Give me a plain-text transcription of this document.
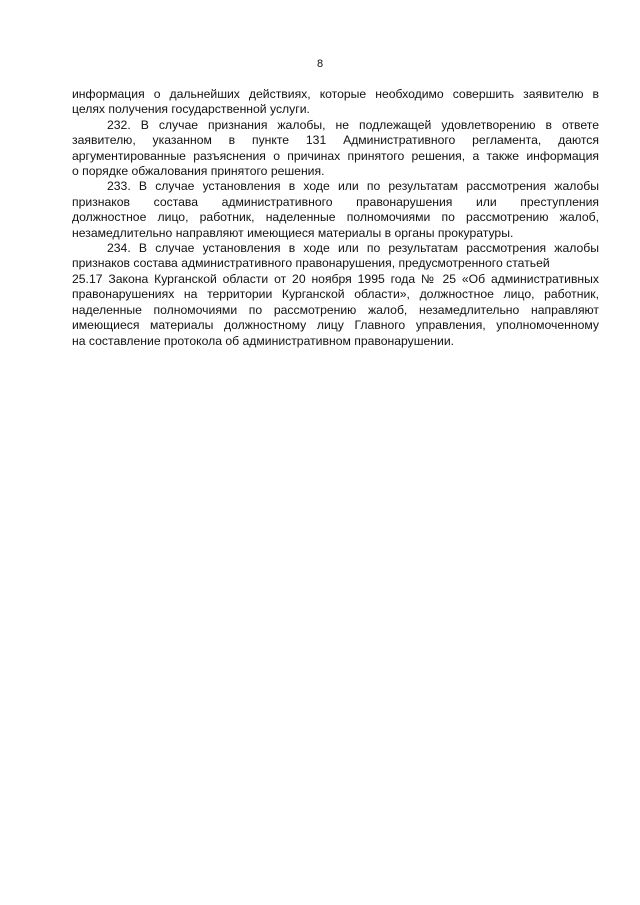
8
информация о дальнейших действиях, которые необходимо совершить заявителю в
целях получения государственной услуги.
232. В случае признания жалобы, не подлежащей удовлетворению в ответе
заявителю, указанном в пункте 131 Административного регламента, даются
аргументированные разъяснения о причинах принятого решения, а также информация
о порядке обжалования принятого решения.
233. В случае установления в ходе или по результатам рассмотрения жалобы
признаков состава административного правонарушения или преступления
должностное лицо, работник, наделенные полномочиями по рассмотрению жалоб,
незамедлительно направляют имеющиеся материалы в органы прокуратуры.
234. В случае установления в ходе или по результатам рассмотрения жалобы
признаков состава административного правонарушения, предусмотренного статьей
25.17 Закона Курганской области от 20 ноября 1995 года № 25 «Об административных
правонарушениях на территории Курганской области», должностное лицо, работник,
наделенные полномочиями по рассмотрению жалоб, незамедлительно направляют
имеющиеся материалы должностному лицу Главного управления, уполномоченному
на составление протокола об административном правонарушении.
